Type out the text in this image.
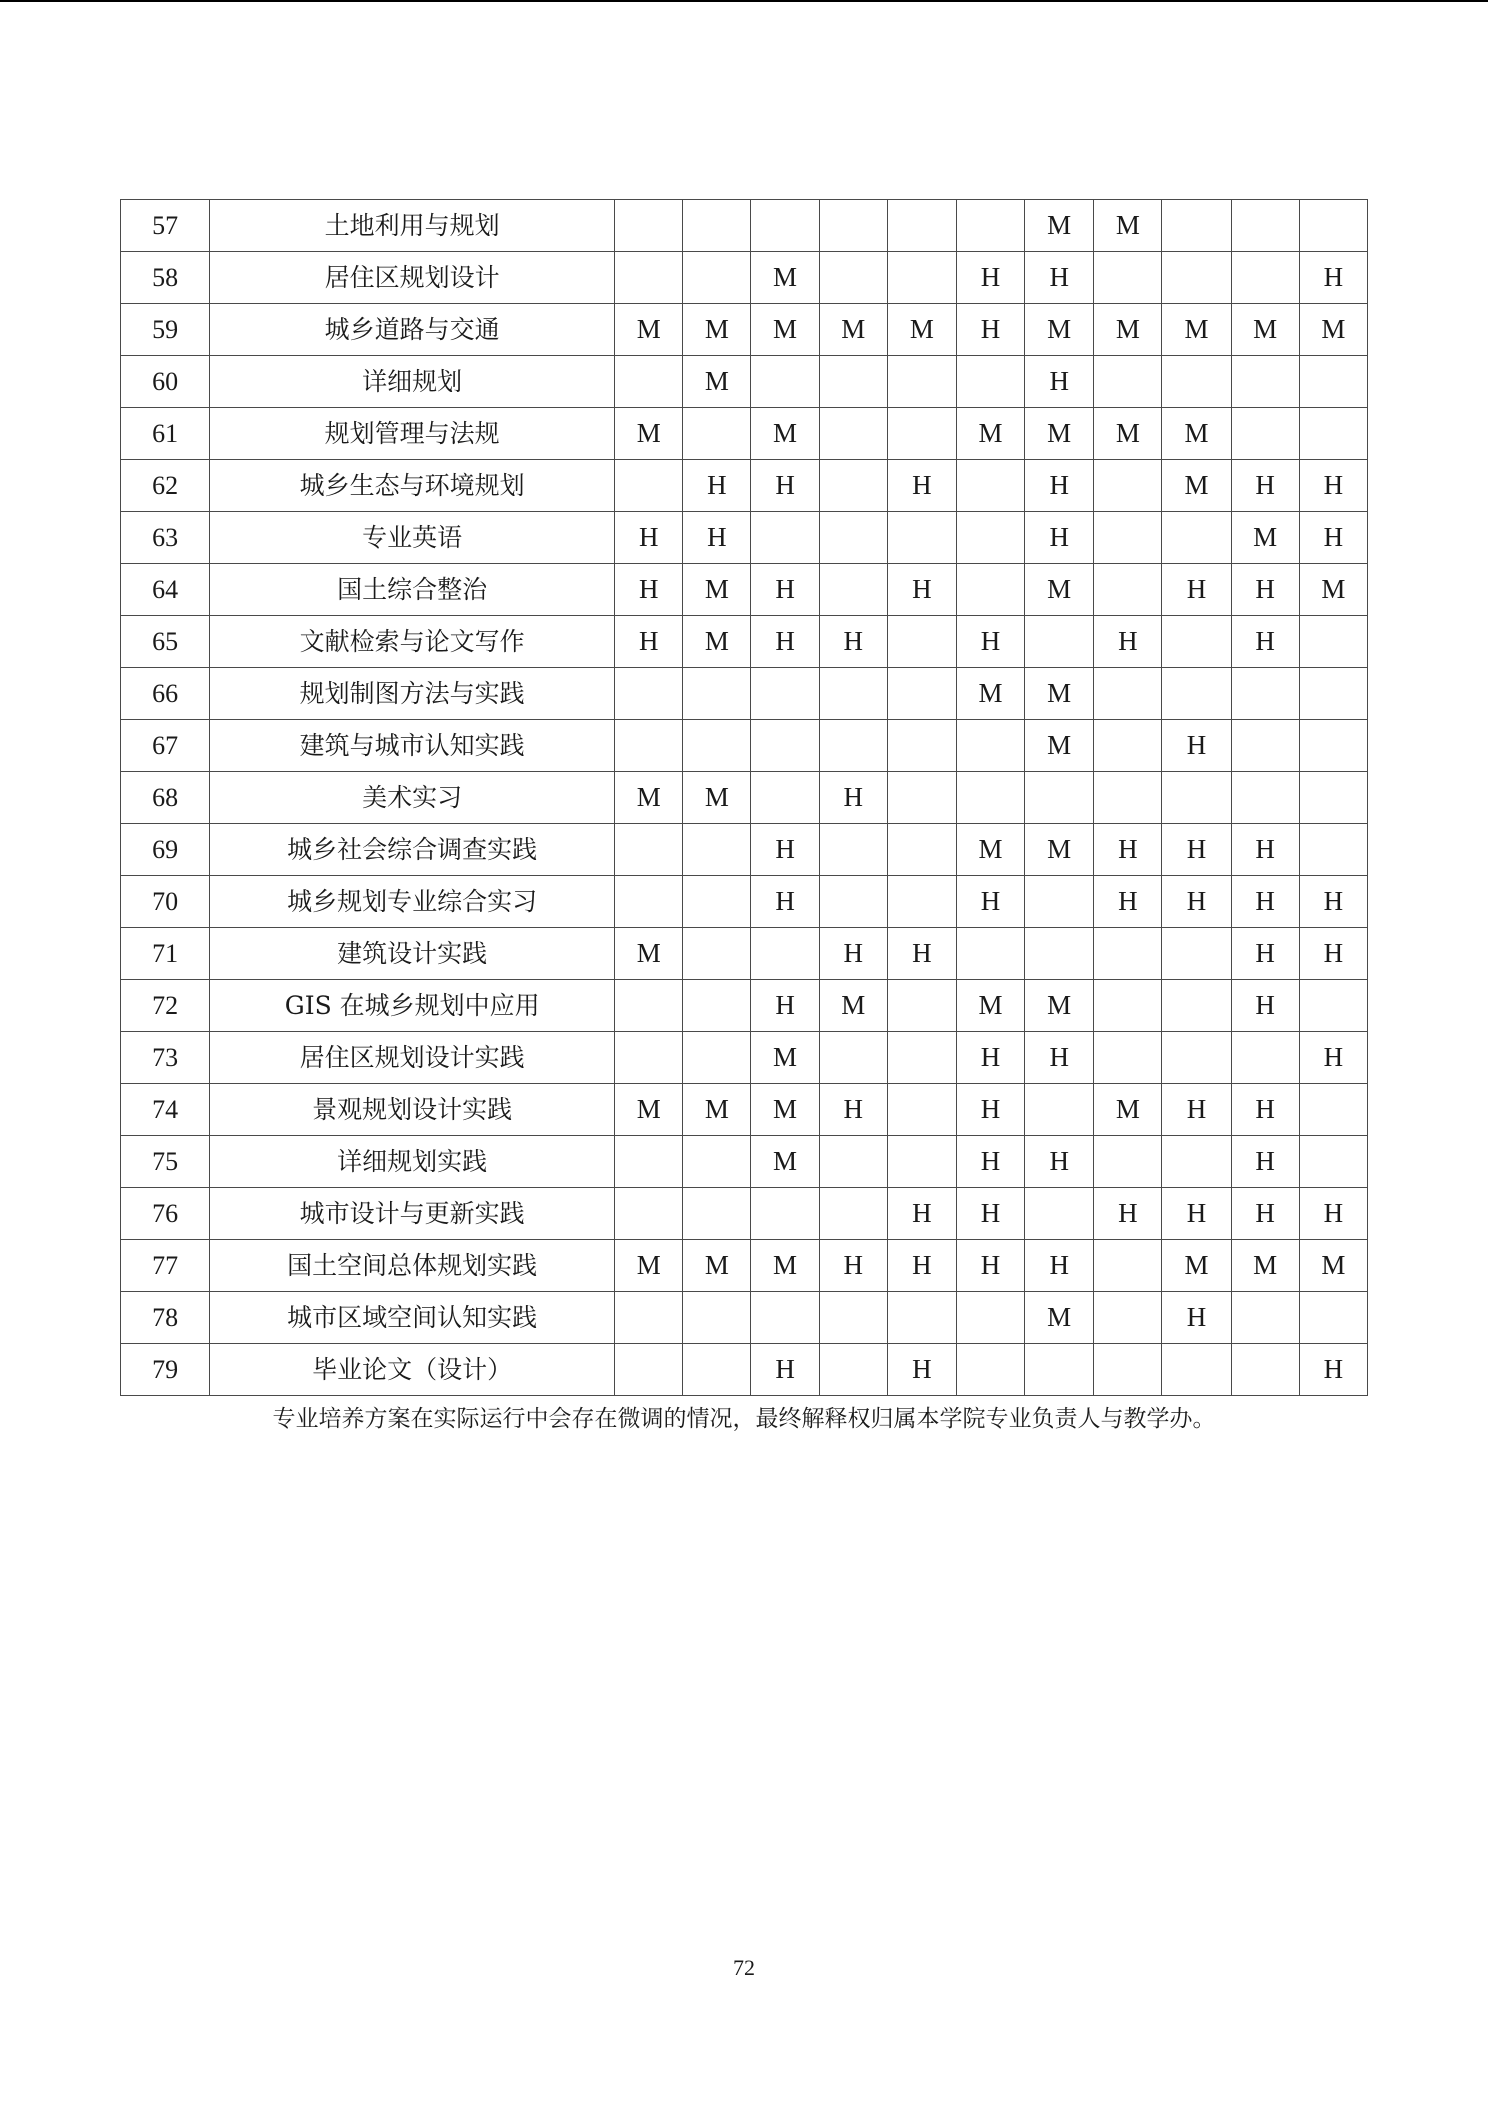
57	土地利用与规划							M	M			
58	居住区规划设计			M			H	H				H
59	城乡道路与交通	M	M	M	M	M	H	M	M	M	M	M
60	详细规划		M					H				
61	规划管理与法规	M		M			M	M	M	M		
62	城乡生态与环境规划		H	H		H		H		M	H	H
63	专业英语	H	H					H			M	H
64	国土综合整治	H	M	H		H		M		H	H	M
65	文献检索与论文写作	H	M	H	H		H		H		H	
66	规划制图方法与实践						M	M				
67	建筑与城市认知实践							M		H		
68	美术实习	M	M		H							
69	城乡社会综合调查实践			H			M	M	H	H	H	
70	城乡规划专业综合实习			H			H		H	H	H	H
71	建筑设计实践	M			H	H					H	H
72	GIS 在城乡规划中应用			H	M		M	M			H	
73	居住区规划设计实践			M			H	H				H
74	景观规划设计实践	M	M	M	H		H		M	H	H	
75	详细规划实践			M			H	H			H	
76	城市设计与更新实践					H	H		H	H	H	H
77	国土空间总体规划实践	M	M	M	H	H	H	H		M	M	M
78	城市区域空间认知实践							M		H		
79	毕业论文（设计）			H		H						H
专业培养方案在实际运行中会存在微调的情况，最终解释权归属本学院专业负责人与教学办。
72
